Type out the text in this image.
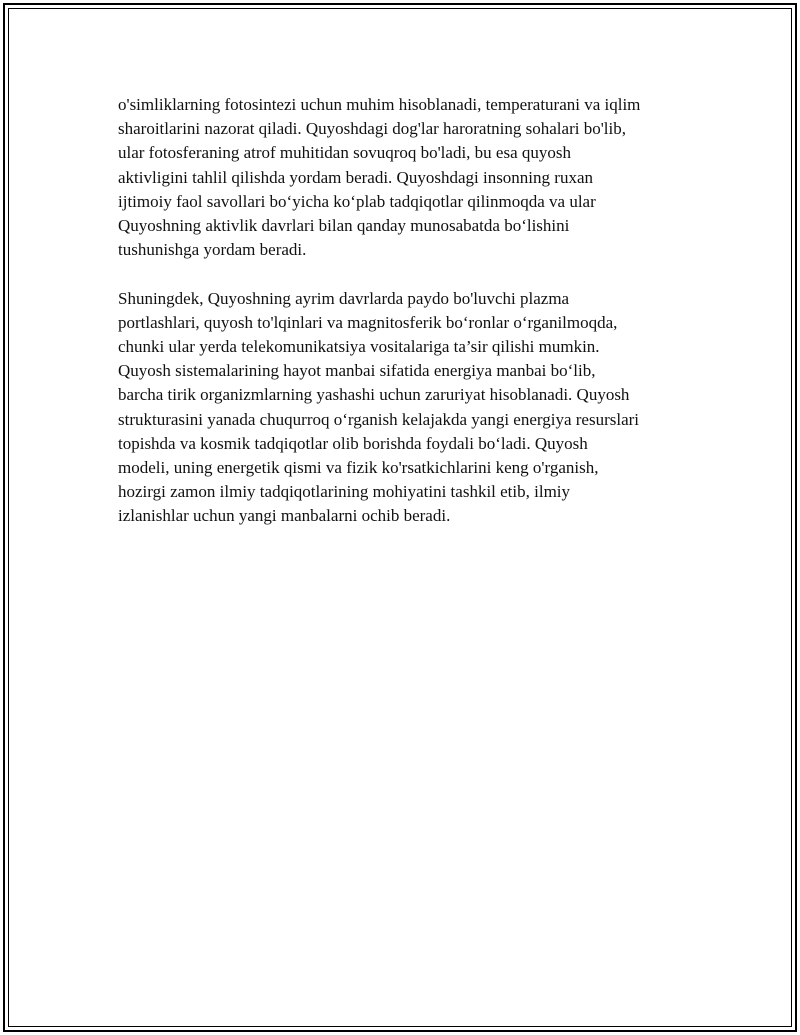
o'simliklarning fotosintezi uchun muhim hisoblanadi, temperaturani va iqlim
sharoitlarini nazorat qiladi. Quyoshdagi dog'lar haroratning sohalari bo'lib,
ular fotosferaning atrof muhitidan sovuqroq bo'ladi, bu esa quyosh
aktivligini tahlil qilishda yordam beradi. Quyoshdagi insonning ruxan
ijtimoiy faol savollari bo‘yicha ko‘plab tadqiqotlar qilinmoqda va ular
Quyoshning aktivlik davrlari bilan qanday munosabatda bo‘lishini
tushunishga yordam beradi.

Shuningdek, Quyoshning ayrim davrlarda paydo bo'luvchi plazma
portlashlari, quyosh to'lqinlari va magnitosferik bo‘ronlar o‘rganilmoqda,
chunki ular yerda telekomunikatsiya vositalariga ta’sir qilishi mumkin.
Quyosh sistemalarining hayot manbai sifatida energiya manbai bo‘lib,
barcha tirik organizmlarning yashashi uchun zaruriyat hisoblanadi. Quyosh
strukturasini yanada chuqurroq o‘rganish kelajakda yangi energiya resurslari
topishda va kosmik tadqiqotlar olib borishda foydali bo‘ladi. Quyosh
modeli, uning energetik qismi va fizik ko'rsatkichlarini keng o'rganish,
hozirgi zamon ilmiy tadqiqotlarining mohiyatini tashkil etib, ilmiy
izlanishlar uchun yangi manbalarni ochib beradi.
